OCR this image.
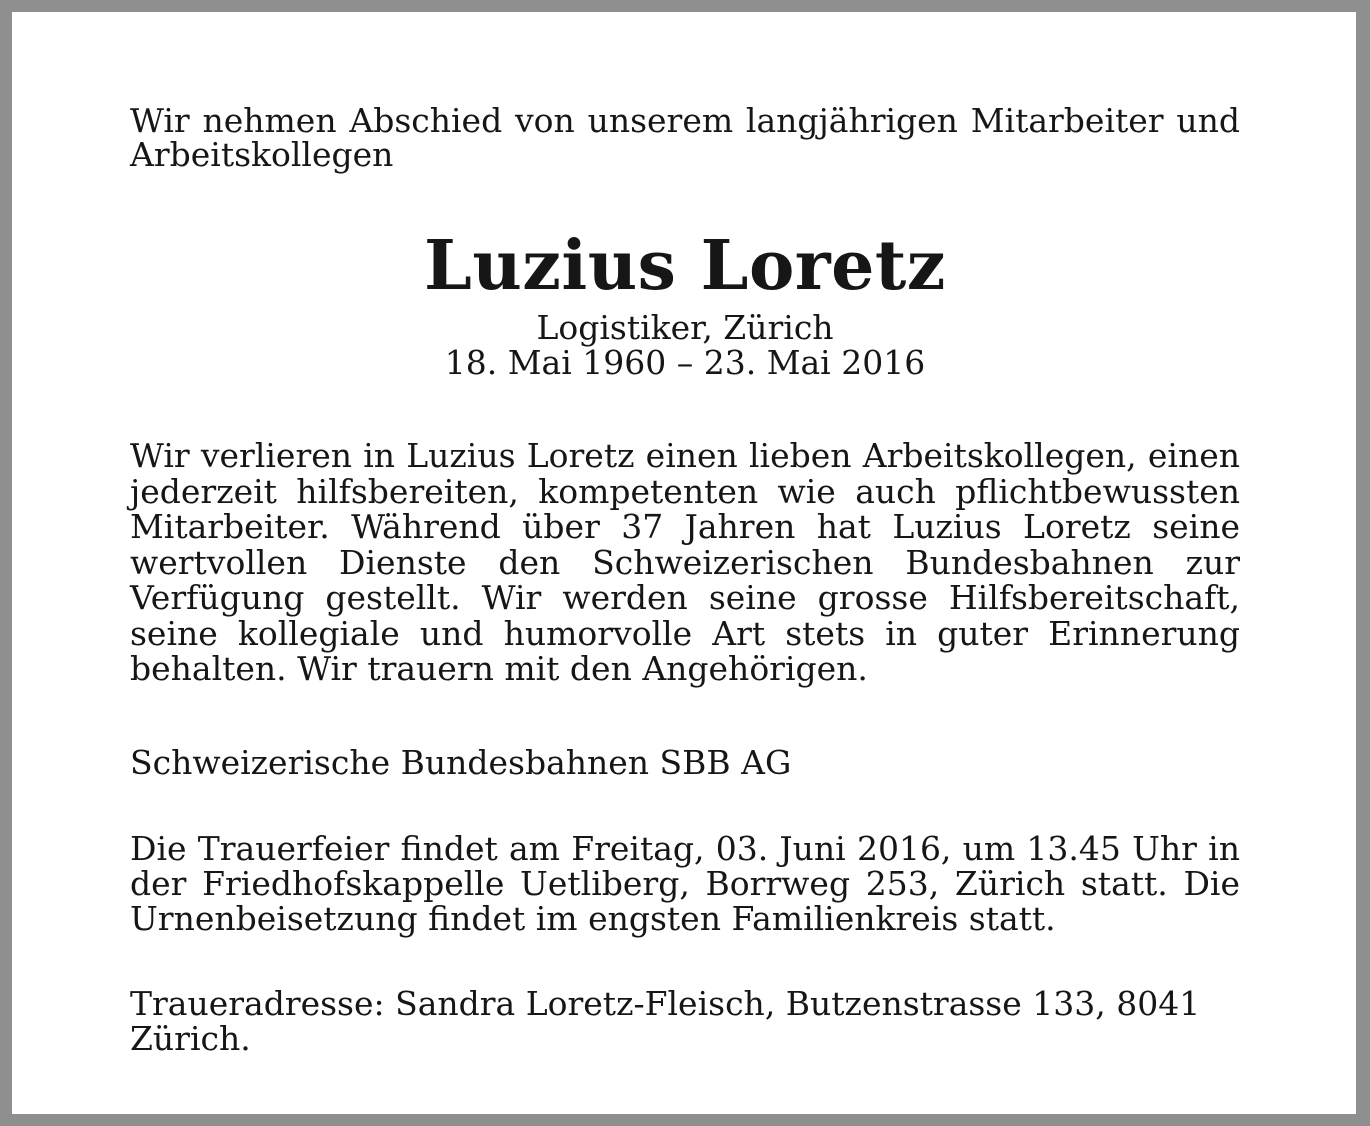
Wir nehmen Abschied von unserem langjährigen Mitarbeiter und Arbeitskollegen

Luzius Loretz
Logistiker, Zürich
18. Mai 1960 – 23. Mai 2016

Wir verlieren in Luzius Loretz einen lieben Arbeitskollegen, einen jederzeit hilfsbereiten, kompetenten wie auch pflichtbewussten Mitarbeiter. Während über 37 Jahren hat Luzius Loretz seine wertvollen Dienste den Schweizerischen Bundesbahnen zur Verfügung gestellt. Wir werden seine grosse Hilfsbereitschaft, seine kollegiale und humorvolle Art stets in guter Erinnerung behalten. Wir trauern mit den Angehörigen.

Schweizerische Bundesbahnen SBB AG

Die Trauerfeier findet am Freitag, 03. Juni 2016, um 13.45 Uhr in der Friedhofskappelle Uetliberg, Borrweg 253, Zürich statt. Die Urnenbeisetzung findet im engsten Familienkreis statt.

Traueradresse: Sandra Loretz-Fleisch, Butzenstrasse 133, 8041 Zürich.
